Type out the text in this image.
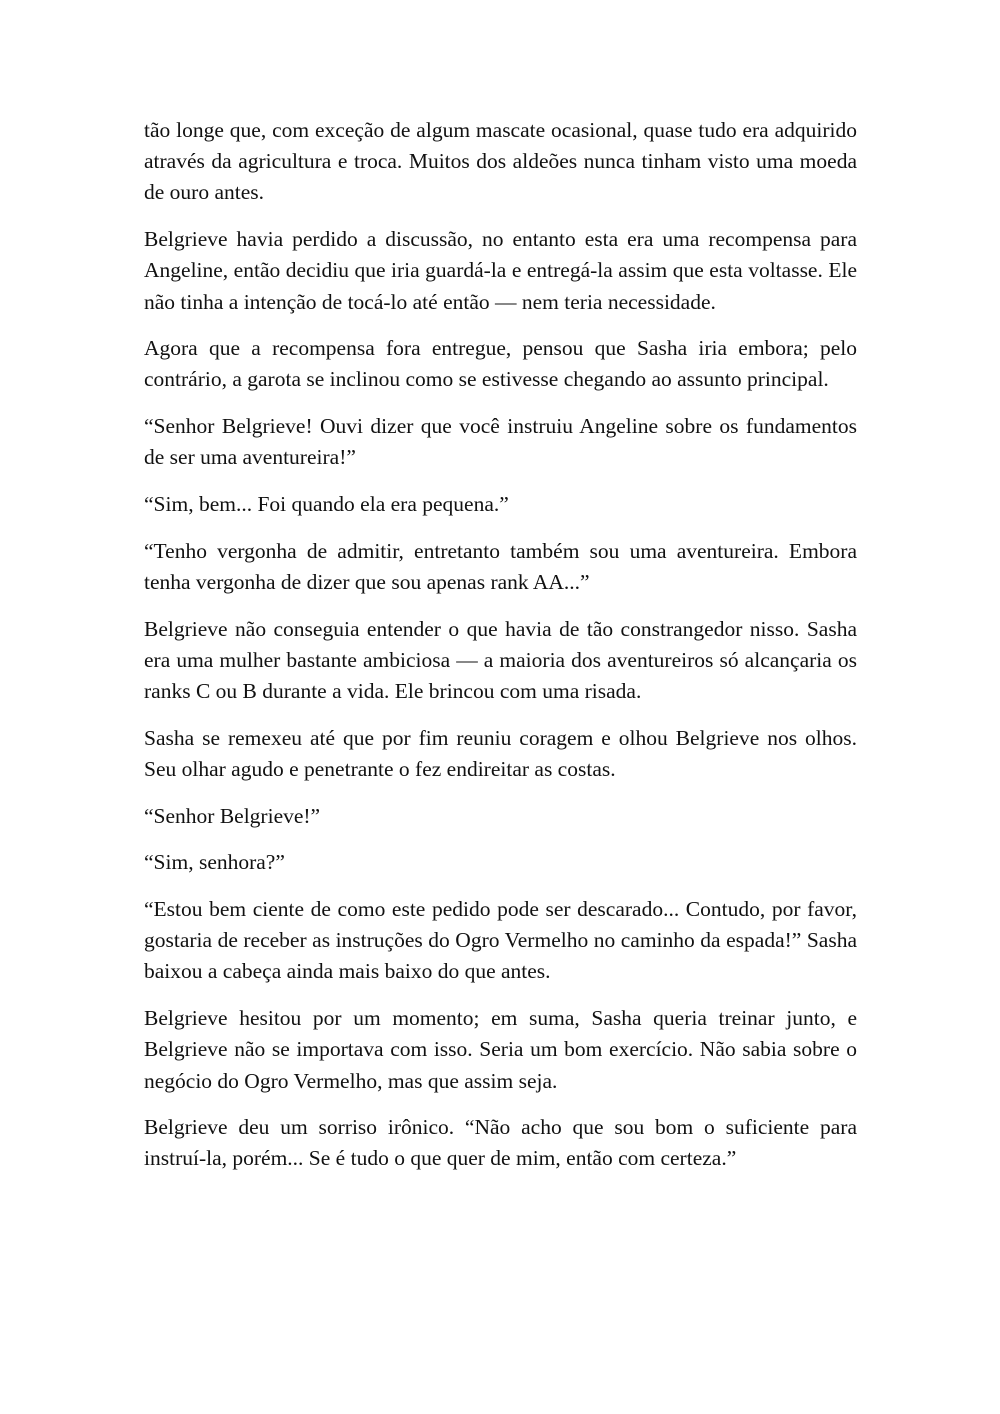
tão longe que, com exceção de algum mascate ocasional, quase tudo era adquirido através da agricultura e troca. Muitos dos aldeões nunca tinham visto uma moeda de ouro antes.

Belgrieve havia perdido a discussão, no entanto esta era uma recompensa para Angeline, então decidiu que iria guardá-la e entregá-la assim que esta voltasse. Ele não tinha a intenção de tocá-lo até então — nem teria necessidade.

Agora que a recompensa fora entregue, pensou que Sasha iria embora; pelo contrário, a garota se inclinou como se estivesse chegando ao assunto principal.

“Senhor Belgrieve! Ouvi dizer que você instruiu Angeline sobre os fundamentos de ser uma aventureira!”

“Sim, bem... Foi quando ela era pequena.”

“Tenho vergonha de admitir, entretanto também sou uma aventureira. Embora tenha vergonha de dizer que sou apenas rank AA...”

Belgrieve não conseguia entender o que havia de tão constrangedor nisso. Sasha era uma mulher bastante ambiciosa — a maioria dos aventureiros só alcançaria os ranks C ou B durante a vida. Ele brincou com uma risada.

Sasha se remexeu até que por fim reuniu coragem e olhou Belgrieve nos olhos. Seu olhar agudo e penetrante o fez endireitar as costas.

“Senhor Belgrieve!”

“Sim, senhora?”

“Estou bem ciente de como este pedido pode ser descarado... Contudo, por favor, gostaria de receber as instruções do Ogro Vermelho no caminho da espada!” Sasha baixou a cabeça ainda mais baixo do que antes.

Belgrieve hesitou por um momento; em suma, Sasha queria treinar junto, e Belgrieve não se importava com isso. Seria um bom exercício. Não sabia sobre o negócio do Ogro Vermelho, mas que assim seja.

Belgrieve deu um sorriso irônico. “Não acho que sou bom o suficiente para instruí-la, porém... Se é tudo o que quer de mim, então com certeza.”
